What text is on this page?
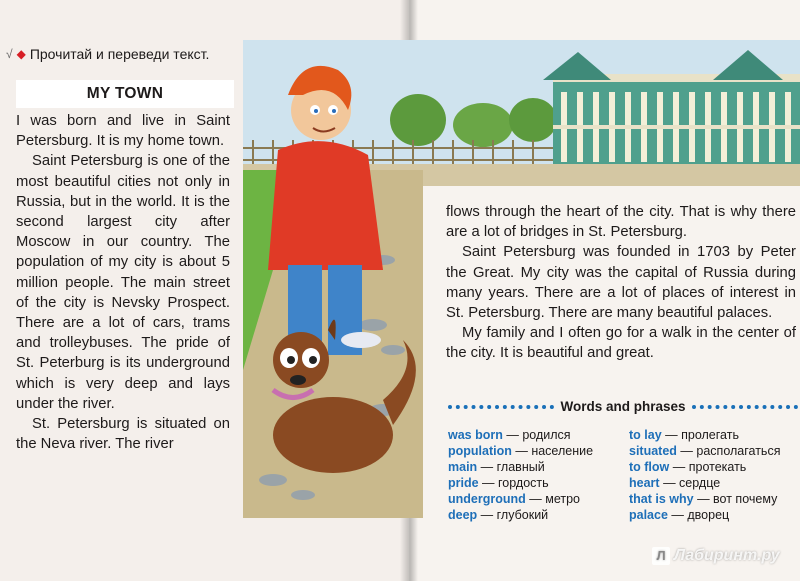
√ ◆ Прочитай и переведи текст.
MY TOWN

I was born and live in Saint Petersburg. It is my home town.

Saint Petersburg is one of the most beautiful cities not only in Russia, but in the world. It is the second largest city after Moscow in our country. The population of my city is about 5 million people. The main street of the city is Nevsky Prospect. There are a lot of cars, trams and trolleybuses. The pride of St. Peterburg is its underground which is very deep and lays under the river.

St. Petersburg is situated on the Neva river. The river

flows through the heart of the city. That is why there are a lot of bridges in St. Petersburg.

Saint Petersburg was founded in 1703 by Peter the Great. My city was the capital of Russia during many years. There are a lot of places of interest in St. Petersburg. There are many beautiful palaces.

My family and I often go for a walk in the center of the city. It is beautiful and great.

Words and phrases
was born — родился
population — население
main — главный
pride — гордость
underground — метро
deep — глубокий
to lay — пролегать
situated — располагаться
to flow — протекать
heart — сердце
that is why — вот почему
palace — дворец
Л Лабиринт.ру
